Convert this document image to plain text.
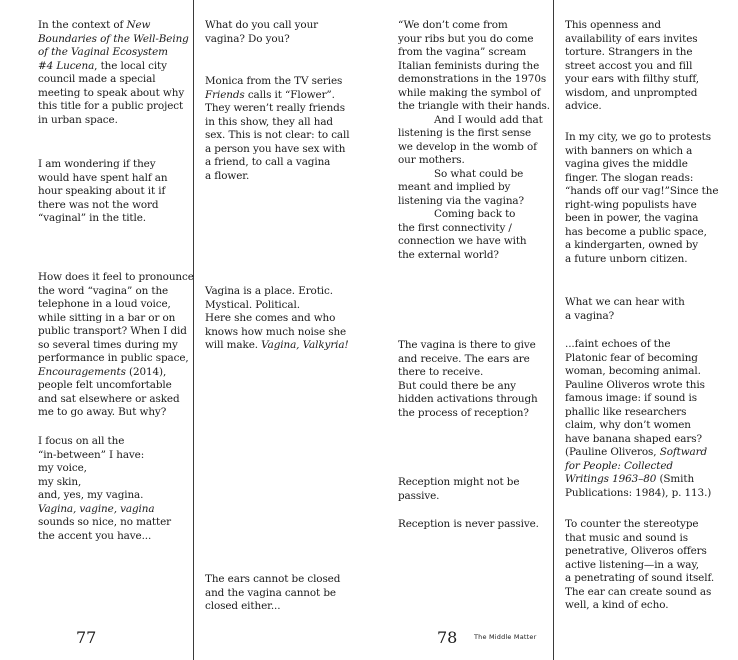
In the context of New
Boundaries of the Well-Being
of the Vaginal Ecosystem
#4 Lucena, the local city
council made a special
meeting to speak about why
this title for a public project
in urban space.

I am wondering if they
would have spent half an
hour speaking about it if
there was not the word
“vaginal” in the title.

How does it feel to pronounce
the word “vagina” on the
telephone in a loud voice,
while sitting in a bar or on
public transport? When I did
so several times during my
performance in public space,
Encouragements (2014),
people felt uncomfortable
and sat elsewhere or asked
me to go away. But why?

I focus on all the
“in-between” I have:
my voice,
my skin,
and, yes, my vagina.
Vagina, vagine, vagina
sounds so nice, no matter
the accent you have...

What do you call your
vagina? Do you?

Monica from the TV series
Friends calls it “Flower”.
They weren’t really friends
in this show, they all had
sex. This is not clear: to call
a person you have sex with
a friend, to call a vagina
a flower.

Vagina is a place. Erotic.
Mystical. Political.
Here she comes and who
knows how much noise she
will make. Vagina, Valkyria!

The ears cannot be closed
and the vagina cannot be
closed either...

77

“We don’t come from
your ribs but you do come
from the vagina” scream
Italian feminists during the
demonstrations in the 1970s
while making the symbol of
the triangle with their hands.
And I would add that
listening is the first sense
we develop in the womb of
our mothers.
So what could be
meant and implied by
listening via the vagina?
Coming back to
the first connectivity /
connection we have with
the external world?

The vagina is there to give
and receive. The ears are
there to receive.
But could there be any
hidden activations through
the process of reception?

Reception might not be
passive.

Reception is never passive.

This openness and
availability of ears invites
torture. Strangers in the
street accost you and fill
your ears with filthy stuff,
wisdom, and unprompted
advice.

In my city, we go to protests
with banners on which a
vagina gives the middle
finger. The slogan reads:
“hands off our vag!”Since the
right-wing populists have
been in power, the vagina
has become a public space,
a kindergarten, owned by
a future unborn citizen.

What we can hear with
a vagina?

...faint echoes of the
Platonic fear of becoming
woman, becoming animal.
Pauline Oliveros wrote this
famous image: if sound is
phallic like researchers
claim, why don’t women
have banana shaped ears?
(Pauline Oliveros, Softward
for People: Collected
Writings 1963–80 (Smith
Publications: 1984), p. 113.)

To counter the stereotype
that music and sound is
penetrative, Oliveros offers
active listening—in a way,
a penetrating of sound itself.
The ear can create sound as
well, a kind of echo.

78	The Middle Matter
